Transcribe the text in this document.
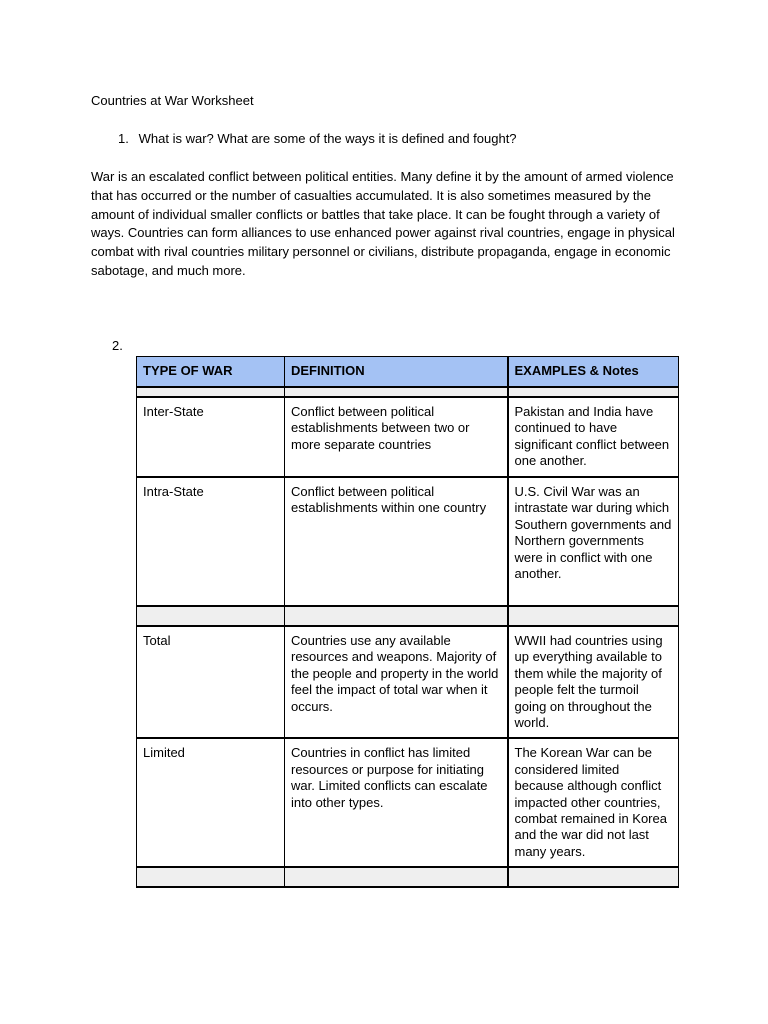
Countries at War Worksheet
1. What is war? What are some of the ways it is defined and fought?
War is an escalated conflict between political entities. Many define it by the amount of armed violence that has occurred or the number of casualties accumulated. It is also sometimes measured by the amount of individual smaller conflicts or battles that take place. It can be fought through a variety of ways. Countries can form alliances to use enhanced power against rival countries, engage in physical combat with rival countries military personnel or civilians, distribute propaganda, engage in economic sabotage, and much more.
2.
TYPE OF WAR	DEFINITION	EXAMPLES & Notes

Inter-State	Conflict between political establishments between two or more separate countries	Pakistan and India have continued to have significant conflict between one another.
Intra-State	Conflict between political establishments within one country	U.S. Civil War was an intrastate war during which Southern governments and Northern governments were in conflict with one another.

Total	Countries use any available resources and weapons. Majority of the people and property in the world feel the impact of total war when it occurs.	WWII had countries using up everything available to them while the majority of people felt the turmoil going on throughout the world.
Limited	Countries in conflict has limited resources or purpose for initiating war. Limited conflicts can escalate into other types.	The Korean War can be considered limited because although conflict impacted other countries, combat remained in Korea and the war did not last many years.
